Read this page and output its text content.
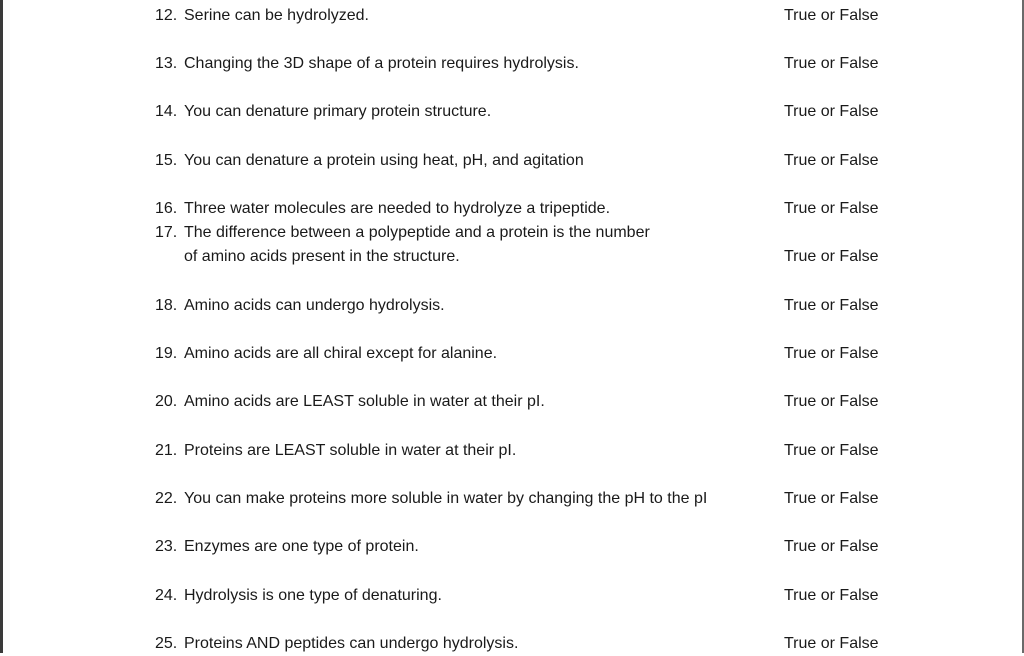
12. Serine can be hydrolyzed.	True or False
13. Changing the 3D shape of a protein requires hydrolysis.	True or False
14. You can denature primary protein structure.	True or False
15. You can denature a protein using heat, pH, and agitation	True or False
16. Three water molecules are needed to hydrolyze a tripeptide.	True or False
17. The difference between a polypeptide and a protein is the number
of amino acids present in the structure.	True or False
18. Amino acids can undergo hydrolysis.	True or False
19. Amino acids are all chiral except for alanine.	True or False
20. Amino acids are LEAST soluble in water at their pI.	True or False
21. Proteins are LEAST soluble in water at their pI.	True or False
22. You can make proteins more soluble in water by changing the pH to the pI	True or False
23. Enzymes are one type of protein.	True or False
24. Hydrolysis is one type of denaturing.	True or False
25. Proteins AND peptides can undergo hydrolysis.	True or False
